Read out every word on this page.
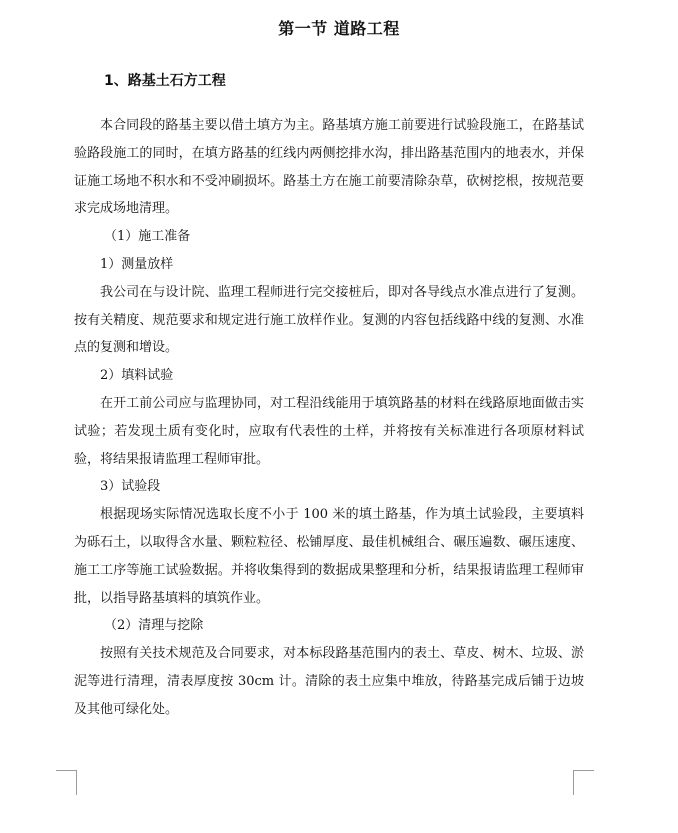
第一节 道路工程
1、路基土石方工程

本合同段的路基主要以借土填方为主。路基填方施工前要进行试验段施工，在路基试验路段施工的同时，在填方路基的红线内两侧挖排水沟，排出路基范围内的地表水，并保证施工场地不积水和不受冲刷损坏。路基土方在施工前要清除杂草，砍树挖根，按规范要求完成场地清理。

（1）施工准备

1）测量放样

我公司在与设计院、监理工程师进行完交接桩后，即对各导线点水准点进行了复测。按有关精度、规范要求和规定进行施工放样作业。复测的内容包括线路中线的复测、水准点的复测和增设。

2）填料试验

在开工前公司应与监理协同，对工程沿线能用于填筑路基的材料在线路原地面做击实试验；若发现土质有变化时，应取有代表性的土样，并将按有关标准进行各项原材料试验，将结果报请监理工程师审批。

3）试验段

根据现场实际情况选取长度不小于 100 米的填土路基，作为填土试验段，主要填料为砾石土，以取得含水量、颗粒粒径、松铺厚度、最佳机械组合、碾压遍数、碾压速度、施工工序等施工试验数据。并将收集得到的数据成果整理和分析，结果报请监理工程师审批，以指导路基填料的填筑作业。

（2）清理与挖除

按照有关技术规范及合同要求，对本标段路基范围内的表土、草皮、树木、垃圾、淤泥等进行清理，清表厚度按 30cm 计。清除的表土应集中堆放，待路基完成后铺于边坡及其他可绿化处。
